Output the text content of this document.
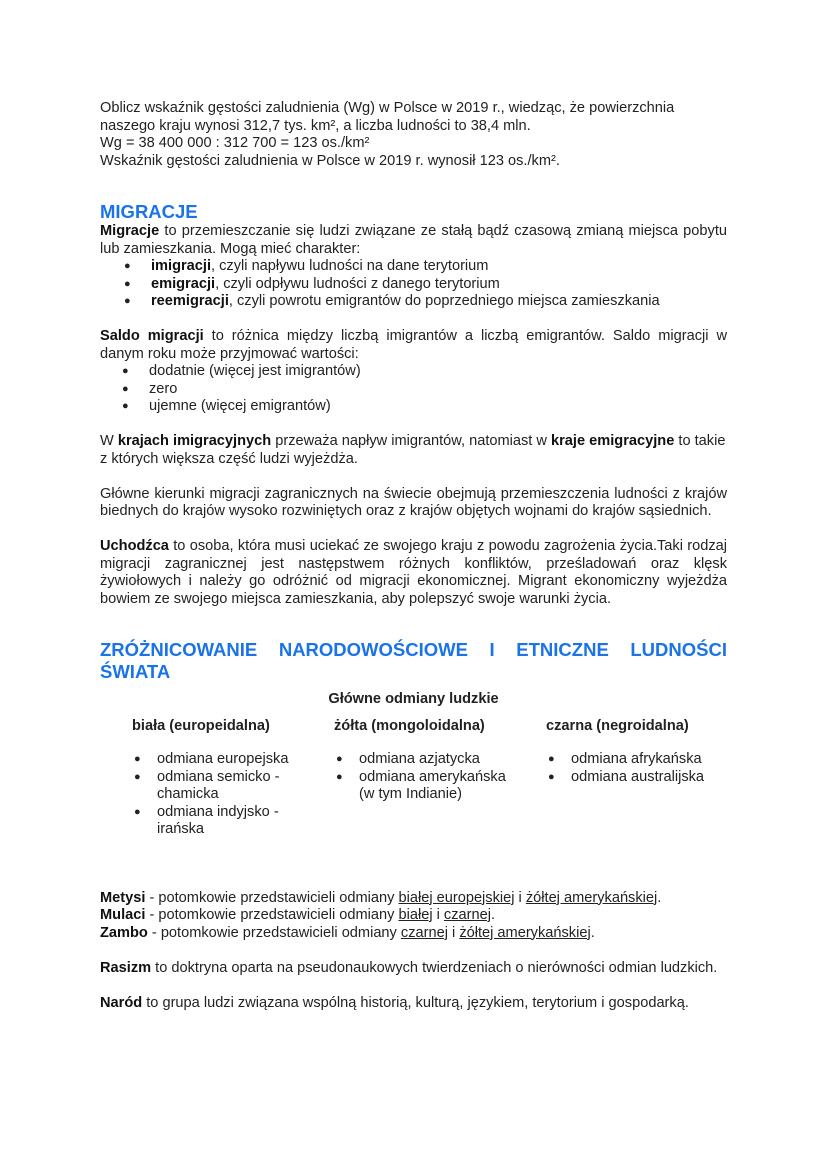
Oblicz wskaźnik gęstości zaludnienia (Wg) w Polsce w 2019 r., wiedząc, że powierzchnia

naszego kraju wynosi 312,7 tys. km², a liczba ludności to 38,4 mln.

Wg = 38 400 000 : 312 700 = 123 os./km²

Wskaźnik gęstości zaludnienia w Polsce w 2019 r. wynosił 123 os./km².

MIGRACJE

Migracje to przemieszczanie się ludzi związane ze stałą bądź czasową zmianą miejsca pobytu lub zamieszkania. Mogą mieć charakter:

● imigracji, czyli napływu ludności na dane terytorium
● emigracji, czyli odpływu ludności z danego terytorium
● reemigracji, czyli powrotu emigrantów do poprzedniego miejsca zamieszkania

Saldo migracji to różnica między liczbą imigrantów a liczbą emigrantów. Saldo migracji w danym roku może przyjmować wartości:

● dodatnie (więcej jest imigrantów)
● zero
● ujemne (więcej emigrantów)

W krajach imigracyjnych przeważa napływ imigrantów, natomiast w kraje emigracyjne to takie z których większa część ludzi wyjeżdża.

Główne kierunki migracji zagranicznych na świecie obejmują przemieszczenia ludności z krajów biednych do krajów wysoko rozwiniętych oraz z krajów objętych wojnami do krajów sąsiednich.

Uchodźca to osoba, która musi uciekać ze swojego kraju z powodu zagrożenia życia.Taki rodzaj migracji zagranicznej jest następstwem różnych konfliktów, prześladowań oraz klęsk żywiołowych i należy go odróżnić od migracji ekonomicznej. Migrant ekonomiczny wyjeżdża bowiem ze swojego miejsca zamieszkania, aby polepszyć swoje warunki życia.

ZRÓŻNICOWANIE NARODOWOŚCIOWE I ETNICZNE LUDNOŚCI
ŚWIATA

Główne odmiany ludzkie

biała (europeidalna)
● odmiana europejska
● odmiana semicko - chamicka
● odmiana indyjsko - irańska
żółta (mongoloidalna)
● odmiana azjatycka
● odmiana amerykańska (w tym Indianie)
czarna (negroidalna)
● odmiana afrykańska
● odmiana australijska

Metysi - potomkowie przedstawicieli odmiany białej europejskiej i żółtej amerykańskiej.

Mulaci - potomkowie przedstawicieli odmiany białej i czarnej.

Zambo - potomkowie przedstawicieli odmiany czarnej i żółtej amerykańskiej.

Rasizm to doktryna oparta na pseudonaukowych twierdzeniach o nierówności odmian ludzkich.

Naród to grupa ludzi związana wspólną historią, kulturą, językiem, terytorium i gospodarką.
